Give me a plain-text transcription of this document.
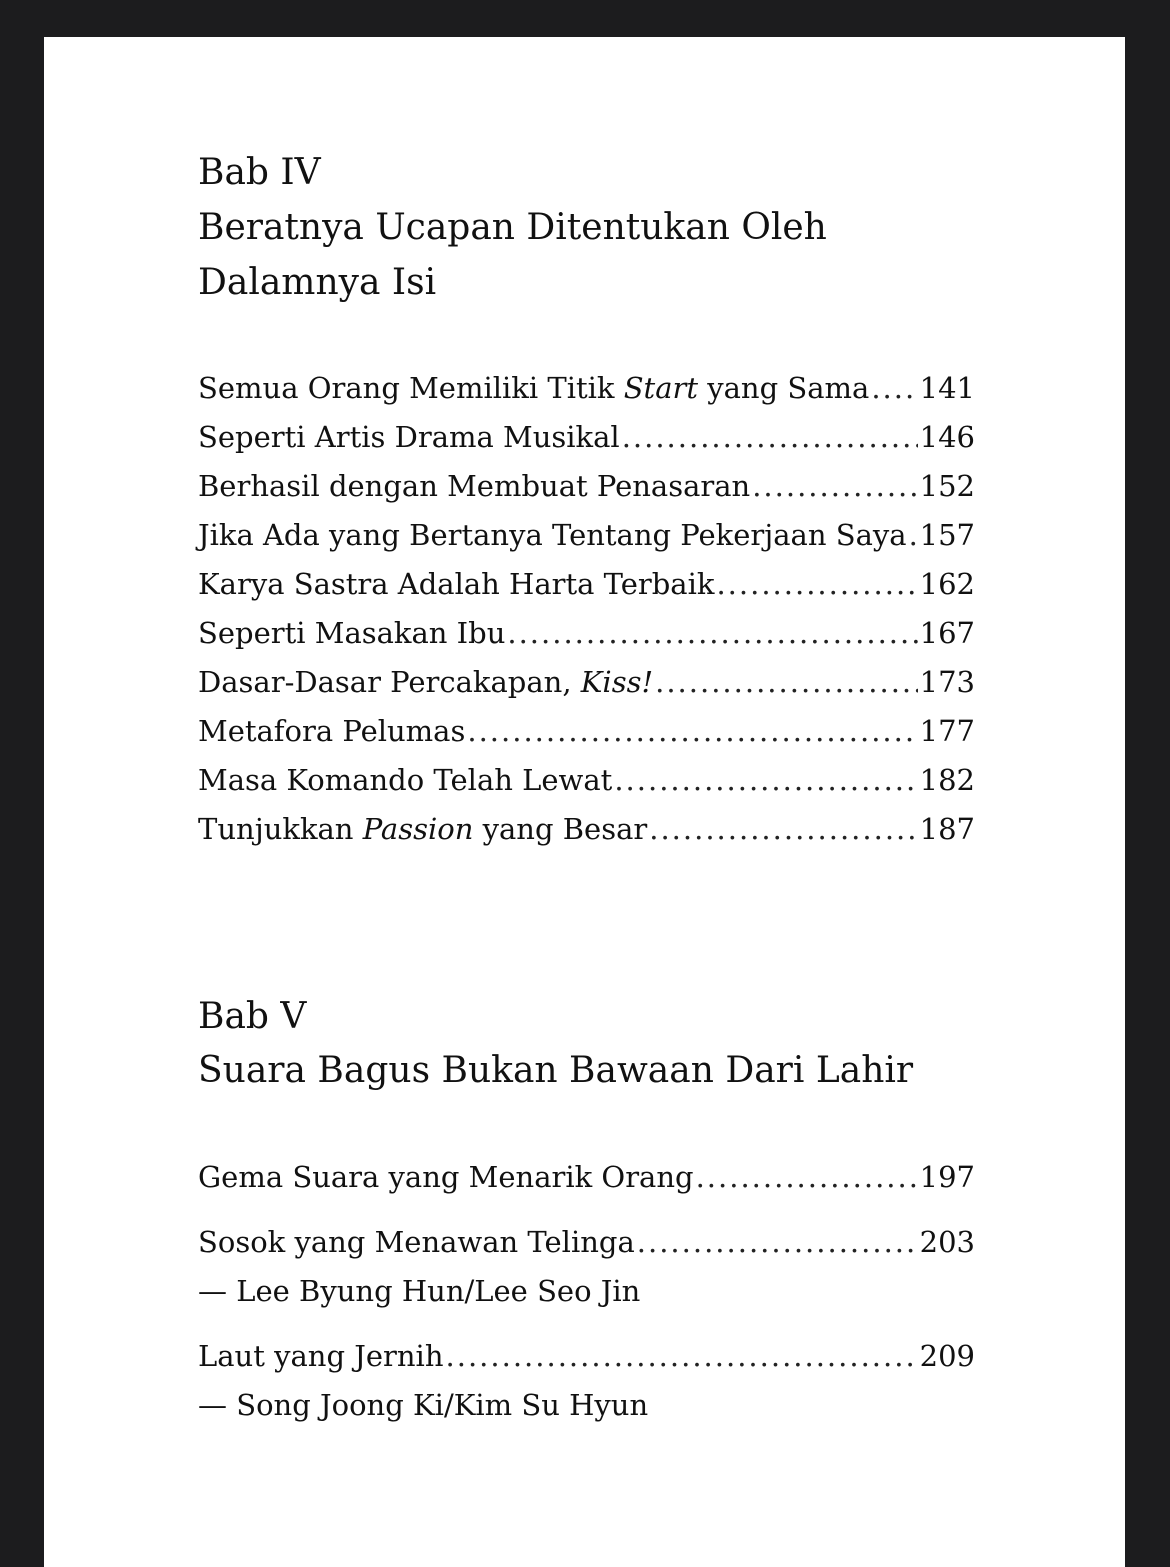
Bab IV
Beratnya Ucapan Ditentukan Oleh
Dalamnya Isi
Semua Orang Memiliki Titik Start yang Sama ..... 141
Seperti Artis Drama Musikal .....	146
Berhasil dengan Membuat Penasaran .....	152
Jika Ada yang Bertanya Tentang Pekerjaan Saya ..... 157
Karya Sastra Adalah Harta Terbaik .....	162
Seperti Masakan Ibu .....	167
Dasar-Dasar Percakapan, Kiss! .....	173
Metafora Pelumas .....	177
Masa Komando Telah Lewat .....	182
Tunjukkan Passion yang Besar .....	187
Bab V
Suara Bagus Bukan Bawaan Dari Lahir
Gema Suara yang Menarik Orang .....	197
Sosok yang Menawan Telinga .....	203
— Lee Byung Hun/Lee Seo Jin
Laut yang Jernih .....	209
— Song Joong Ki/Kim Su Hyun
